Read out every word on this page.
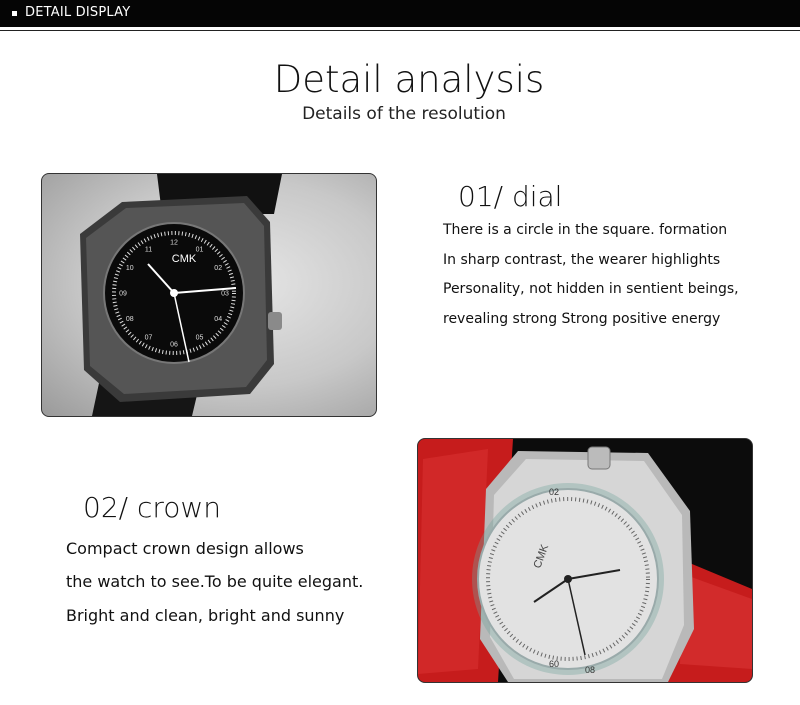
DETAIL DISPLAY
Detail analysis
Details of the resolution
CMK
12
01
02
03
04
05
06
07
08
09
10
11
01/ dial
There is a circle in the square. formation
In sharp contrast, the wearer highlights
Personality, not hidden in sentient beings,
revealing strong Strong positive energy
02/ crown
Compact crown design allows
the watch to see.To be quite elegant.
Bright and clean, bright and sunny
CMK
02
08
60
